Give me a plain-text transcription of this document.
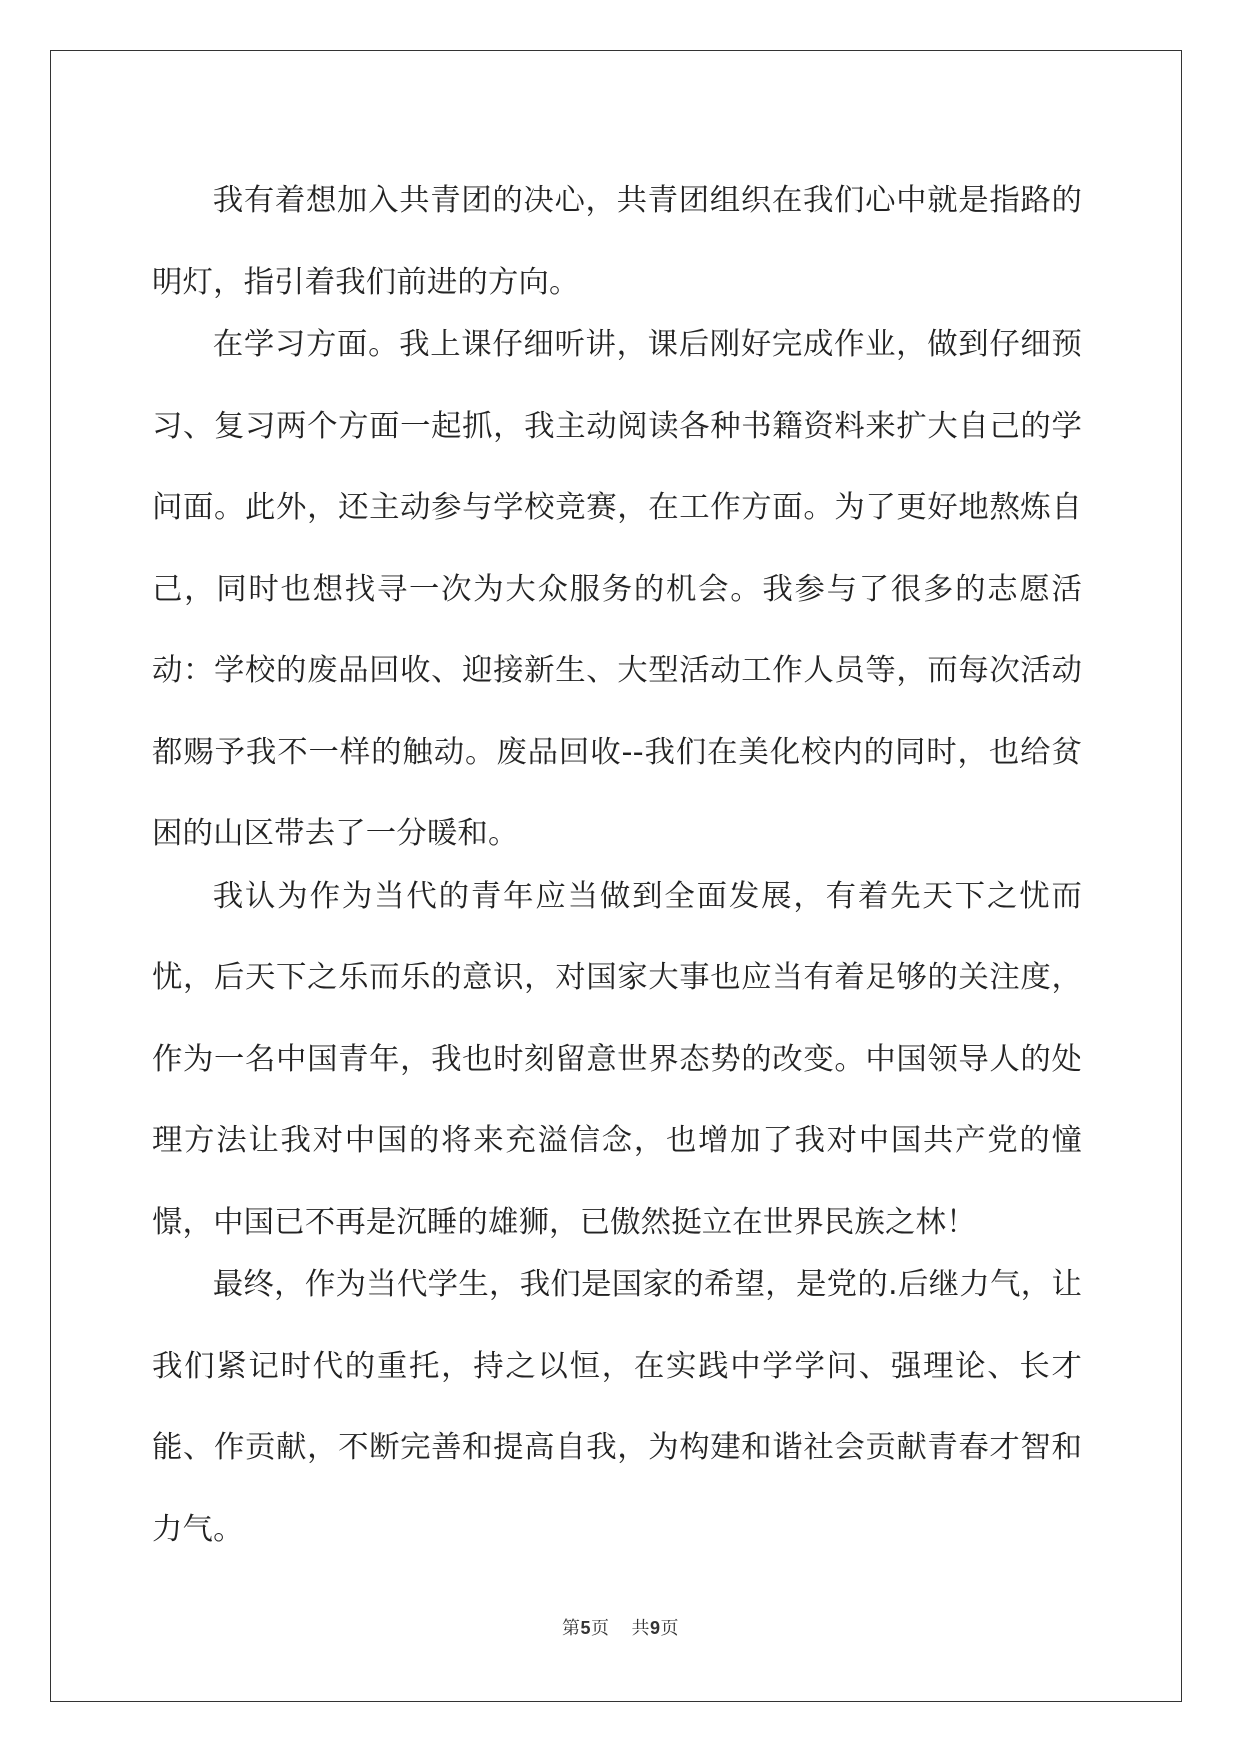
我有着想加入共青团的决心，共青团组织在我们心中就是指路的明灯，指引着我们前进的方向。

在学习方面。我上课仔细听讲，课后刚好完成作业，做到仔细预习、复习两个方面一起抓，我主动阅读各种书籍资料来扩大自己的学问面。此外，还主动参与学校竞赛，在工作方面。为了更好地熬炼自己，同时也想找寻一次为大众服务的机会。我参与了很多的志愿活动：学校的废品回收、迎接新生、大型活动工作人员等，而每次活动都赐予我不一样的触动。废品回收--我们在美化校内的同时，也给贫困的山区带去了一分暖和。

我认为作为当代的青年应当做到全面发展，有着先天下之忧而忧，后天下之乐而乐的意识，对国家大事也应当有着足够的关注度，作为一名中国青年，我也时刻留意世界态势的改变。中国领导人的处理方法让我对中国的将来充溢信念，也增加了我对中国共产党的憧憬，中国已不再是沉睡的雄狮，已傲然挺立在世界民族之林！

最终，作为当代学生，我们是国家的希望，是党的.后继力气，让我们紧记时代的重托，持之以恒，在实践中学学问、强理论、长才能、作贡献，不断完善和提高自我，为构建和谐社会贡献青春才智和力气。

第5页 共9页
